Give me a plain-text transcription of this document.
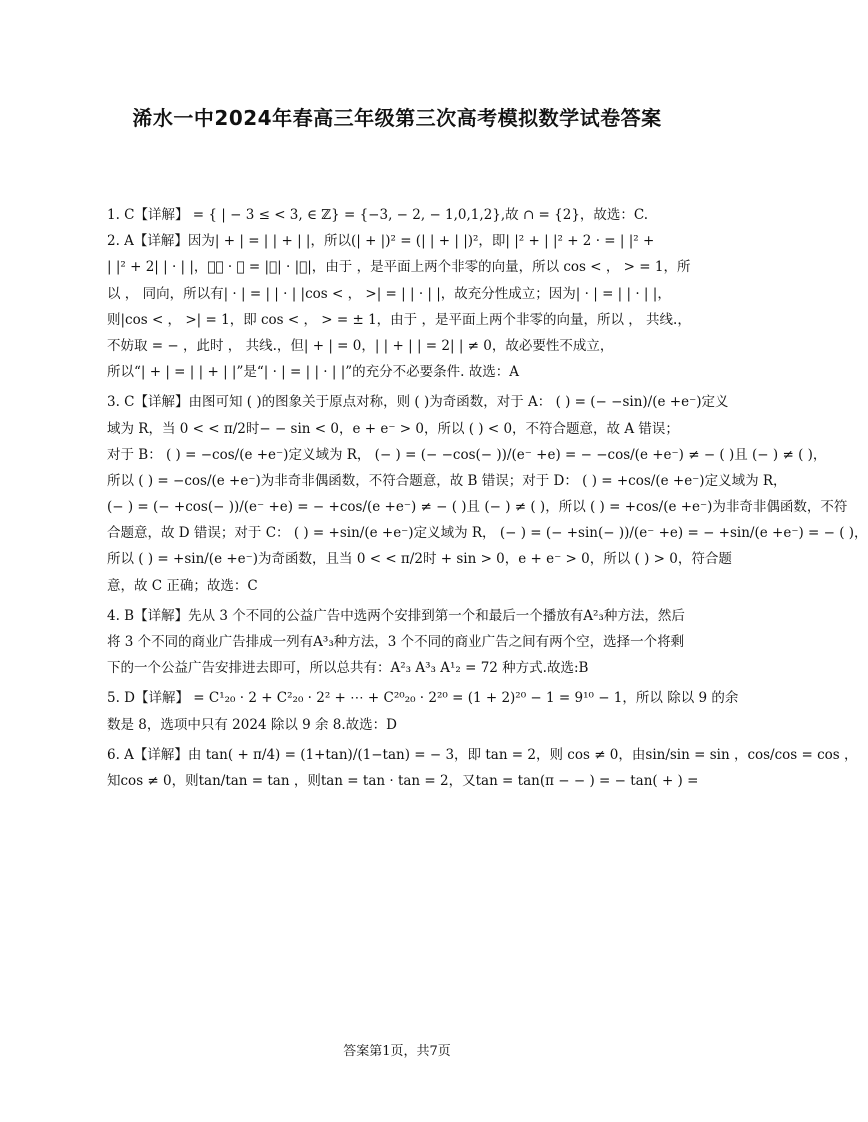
浠水一中2024年春高三年级第三次高考模拟数学试卷答案
1. C【详解】 = { | − 3 ≤ < 3, ∈ ℤ} = {−3, − 2, − 1,0,1,2},故 ∩ = {2}，故选：C.
2. A【详解】因为| + | = | | + | |，所以(| + |)² = (| | + | |)²，即| |² + | |² + 2 · = | |² +
| |² + 2| | · | |，即⃗ · ⃗ = |⃗| · |⃗|，由于 ，是平面上两个非零的向量，所以 cos < ， > = 1，所
以 ， 同向，所以有| · | = | | · | |cos < ， >| = | | · | |，故充分性成立；因为| · | = | | · | |，
则|cos < ， >| = 1，即 cos < ， > = ± 1，由于 ，是平面上两个非零的向量，所以 ， 共线.，
不妨取 = − ，此时 ， 共线.，但| + | = 0，| | + | | = 2| | ≠ 0，故必要性不成立，
所以“| + | = | | + | |”是“| · | = | | · | |”的充分不必要条件. 故选：A
3. C【详解】由图可知 ( )的图象关于原点对称，则 ( )为奇函数，对于 A： ( ) = (− −sin)/(e +e⁻)定义
域为 R，当 0 < < π/2时− − sin < 0，e + e⁻ > 0，所以 ( ) < 0，不符合题意，故 A 错误；
对于 B： ( ) = −cos/(e +e⁻)定义域为 R， (− ) = (− −cos(− ))/(e⁻ +e) = − −cos/(e +e⁻) ≠ − ( )且 (− ) ≠ ( )，
所以 ( ) = −cos/(e +e⁻)为非奇非偶函数，不符合题意，故 B 错误；对于 D： ( ) = +cos/(e +e⁻)定义域为 R，
(− ) = (− +cos(− ))/(e⁻ +e) = − +cos/(e +e⁻) ≠ − ( )且 (− ) ≠ ( )，所以 ( ) = +cos/(e +e⁻)为非奇非偶函数，不符
合题意，故 D 错误；对于 C： ( ) = +sin/(e +e⁻)定义域为 R， (− ) = (− +sin(− ))/(e⁻ +e) = − +sin/(e +e⁻) = − ( )，
所以 ( ) = +sin/(e +e⁻)为奇函数，且当 0 < < π/2时 + sin > 0，e + e⁻ > 0，所以 ( ) > 0，符合题
意，故 C 正确；故选：C
4. B【详解】先从 3 个不同的公益广告中选两个安排到第一个和最后一个播放有A²₃种方法，然后
将 3 个不同的商业广告排成一列有A³₃种方法，3 个不同的商业广告之间有两个空，选择一个将剩
下的一个公益广告安排进去即可，所以总共有：A²₃ A³₃ A¹₂ = 72 种方式.故选:B
5. D【详解】 = C¹₂₀ · 2 + C²₂₀ · 2² + ⋯ + C²⁰₂₀ · 2²⁰ = (1 + 2)²⁰ − 1 = 9¹⁰ − 1，所以 除以 9 的余
数是 8，选项中只有 2024 除以 9 余 8.故选：D
6. A【详解】由 tan( + π/4) = (1+tan)/(1−tan) = − 3，即 tan = 2，则 cos ≠ 0，由sin/sin = sin ，cos/cos = cos ，
知cos ≠ 0，则tan/tan = tan ，则tan = tan · tan = 2，又tan = tan(π − − ) = − tan( + ) =
答案第1页，共7页
